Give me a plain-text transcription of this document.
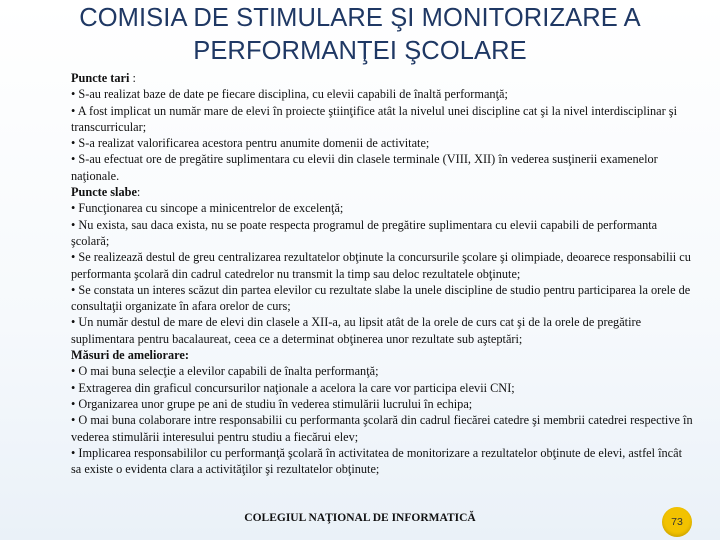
COMISIA DE STIMULARE ŞI MONITORIZARE A
PERFORMANŢEI ŞCOLARE

Puncte tari :

• S-au realizat baze de date pe fiecare disciplina, cu elevii capabili de înaltă performanţă;

• A fost implicat un număr mare de elevi în proiecte ştiinţifice atât la nivelul unei discipline cat şi la nivel interdisciplinar şi transcurricular;

• S-a realizat valorificarea acestora pentru anumite domenii de activitate;

• S-au efectuat ore de pregătire suplimentara cu elevii din clasele terminale (VIII, XII) în vederea susţinerii examenelor naţionale.

Puncte slabe:

• Funcţionarea cu sincope a minicentrelor de excelenţă;

• Nu exista, sau daca exista, nu se poate respecta programul de pregătire suplimentara cu elevii capabili de performanta şcolară;

• Se realizează destul de greu centralizarea rezultatelor obţinute la concursurile şcolare şi olimpiade, deoarece responsabilii cu performanta şcolară din cadrul catedrelor nu transmit la timp sau deloc rezultatele obţinute;

• Se constata un interes scăzut din partea elevilor cu rezultate slabe la unele discipline de studio pentru participarea la orele de consultaţii organizate în afara orelor de curs;

• Un număr destul de mare de elevi din clasele a XII-a, au lipsit atât de la orele de curs cat şi de la orele de pregătire suplimentara pentru bacalaureat, ceea ce a determinat obţinerea unor rezultate sub aşteptări;

Măsuri de ameliorare:

• O mai buna selecţie a elevilor capabili de înalta performanţă;

• Extragerea din graficul concursurilor naţionale a acelora la care vor participa elevii CNI;

• Organizarea unor grupe pe ani de studiu în vederea stimulării lucrului în echipa;

• O mai buna colaborare intre responsabilii cu performanta şcolară din cadrul fiecărei catedre şi membrii catedrei respective în vederea stimulării interesului pentru studiu a fiecărui elev;

• Implicarea responsabililor cu performanţă şcolară în activitatea de monitorizare a rezultatelor obţinute de elevi, astfel încât sa existe o evidenta clara a activităţilor şi rezultatelor obţinute;

COLEGIUL NAŢIONAL DE INFORMATICĂ	73
